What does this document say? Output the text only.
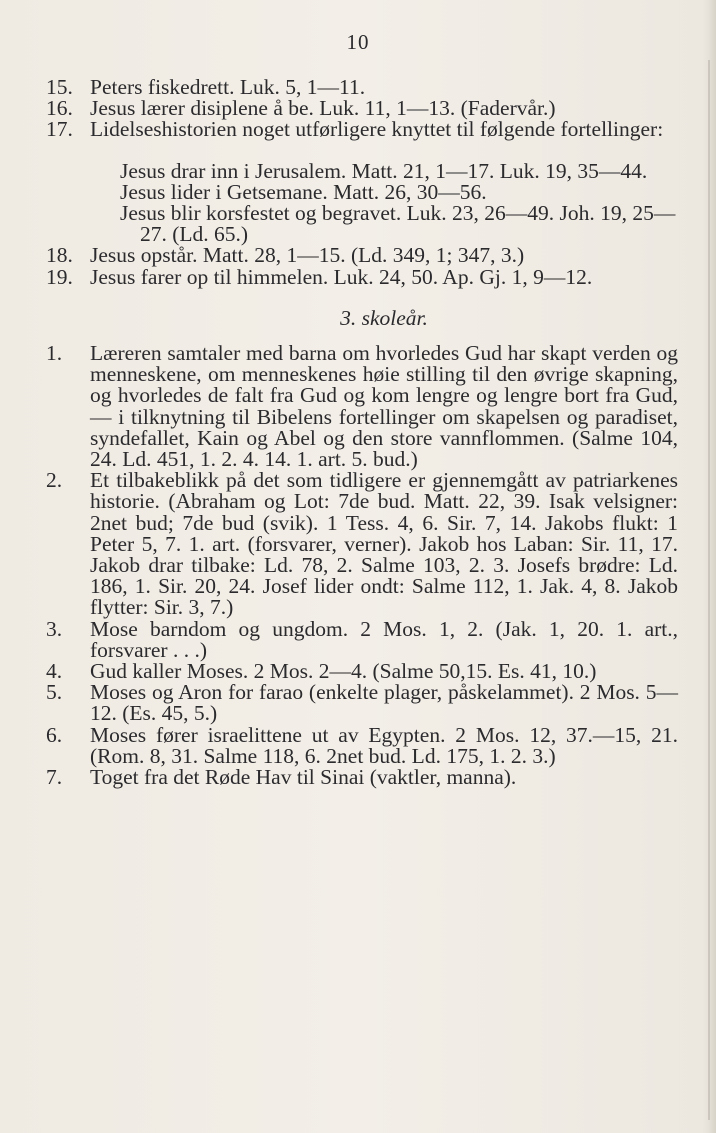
10
15. Peters fiskedrett. Luk. 5, 1—11.
16. Jesus lærer disiplene å be. Luk. 11, 1—13. (Fadervår.)
17. Lidelseshistorien noget utførligere knyttet til følgende fortellinger:
Jesus drar inn i Jerusalem. Matt. 21, 1—17. Luk. 19, 35—44.
Jesus lider i Getsemane. Matt. 26, 30—56.
Jesus blir korsfestet og begravet. Luk. 23, 26—49. Joh. 19, 25—27. (Ld. 65.)
18. Jesus opstår. Matt. 28, 1—15. (Ld. 349, 1; 347, 3.)
19. Jesus farer op til himmelen. Luk. 24, 50. Ap. Gj. 1, 9—12.
3. skoleår.
1. Læreren samtaler med barna om hvorledes Gud har skapt verden og menneskene, om menneskenes høie stilling til den øvrige skapning, og hvorledes de falt fra Gud og kom lengre og lengre bort fra Gud, — i tilknytning til Bibelens fortellinger om skapelsen og paradiset, syndefallet, Kain og Abel og den store vannflommen. (Salme 104, 24. Ld. 451, 1. 2. 4. 14. 1. art. 5. bud.)
2. Et tilbakeblikk på det som tidligere er gjennemgått av patriarkenes historie. (Abraham og Lot: 7de bud. Matt. 22, 39. Isak velsigner: 2net bud; 7de bud (svik). 1 Tess. 4, 6. Sir. 7, 14. Jakobs flukt: 1 Peter 5, 7. 1. art. (forsvarer, verner). Jakob hos Laban: Sir. 11, 17. Jakob drar tilbake: Ld. 78, 2. Salme 103, 2. 3. Josefs brødre: Ld. 186, 1. Sir. 20, 24. Josef lider ondt: Salme 112, 1. Jak. 4, 8. Jakob flytter: Sir. 3, 7.)
3. Mose barndom og ungdom. 2 Mos. 1, 2. (Jak. 1, 20. 1. art., forsvarer . . .)
4. Gud kaller Moses. 2 Mos. 2—4. (Salme 50,15. Es. 41, 10.)
5. Moses og Aron for farao (enkelte plager, påskelammet). 2 Mos. 5—12. (Es. 45, 5.)
6. Moses fører israelittene ut av Egypten. 2 Mos. 12, 37.—15, 21. (Rom. 8, 31. Salme 118, 6. 2net bud. Ld. 175, 1. 2. 3.)
7. Toget fra det Røde Hav til Sinai (vaktler, manna).
